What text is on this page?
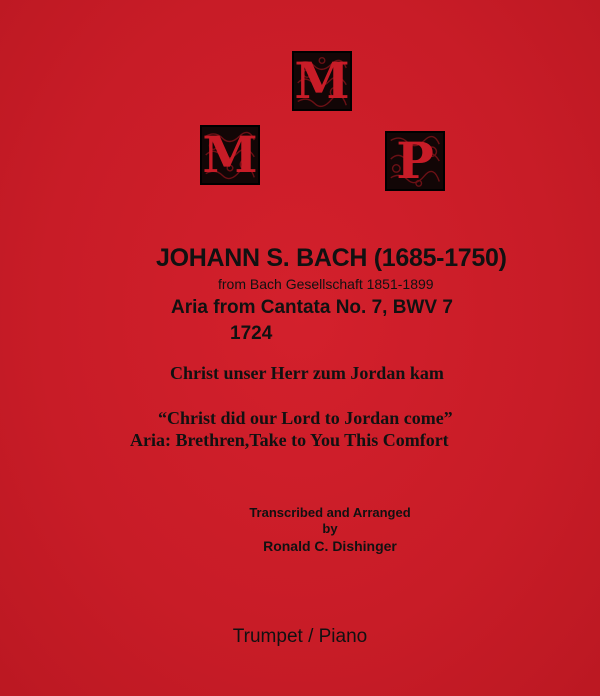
M
M
P

JOHANN S. BACH (1685-1750)

from Bach Gesellschaft 1851-1899

Aria from Cantata No. 7, BWV 7

1724

Christ unser Herr zum Jordan kam

“Christ did our Lord to Jordan come”

Aria: Brethren,Take to You This Comfort

Transcribed and Arranged

by

Ronald C. Dishinger

Trumpet / Piano
